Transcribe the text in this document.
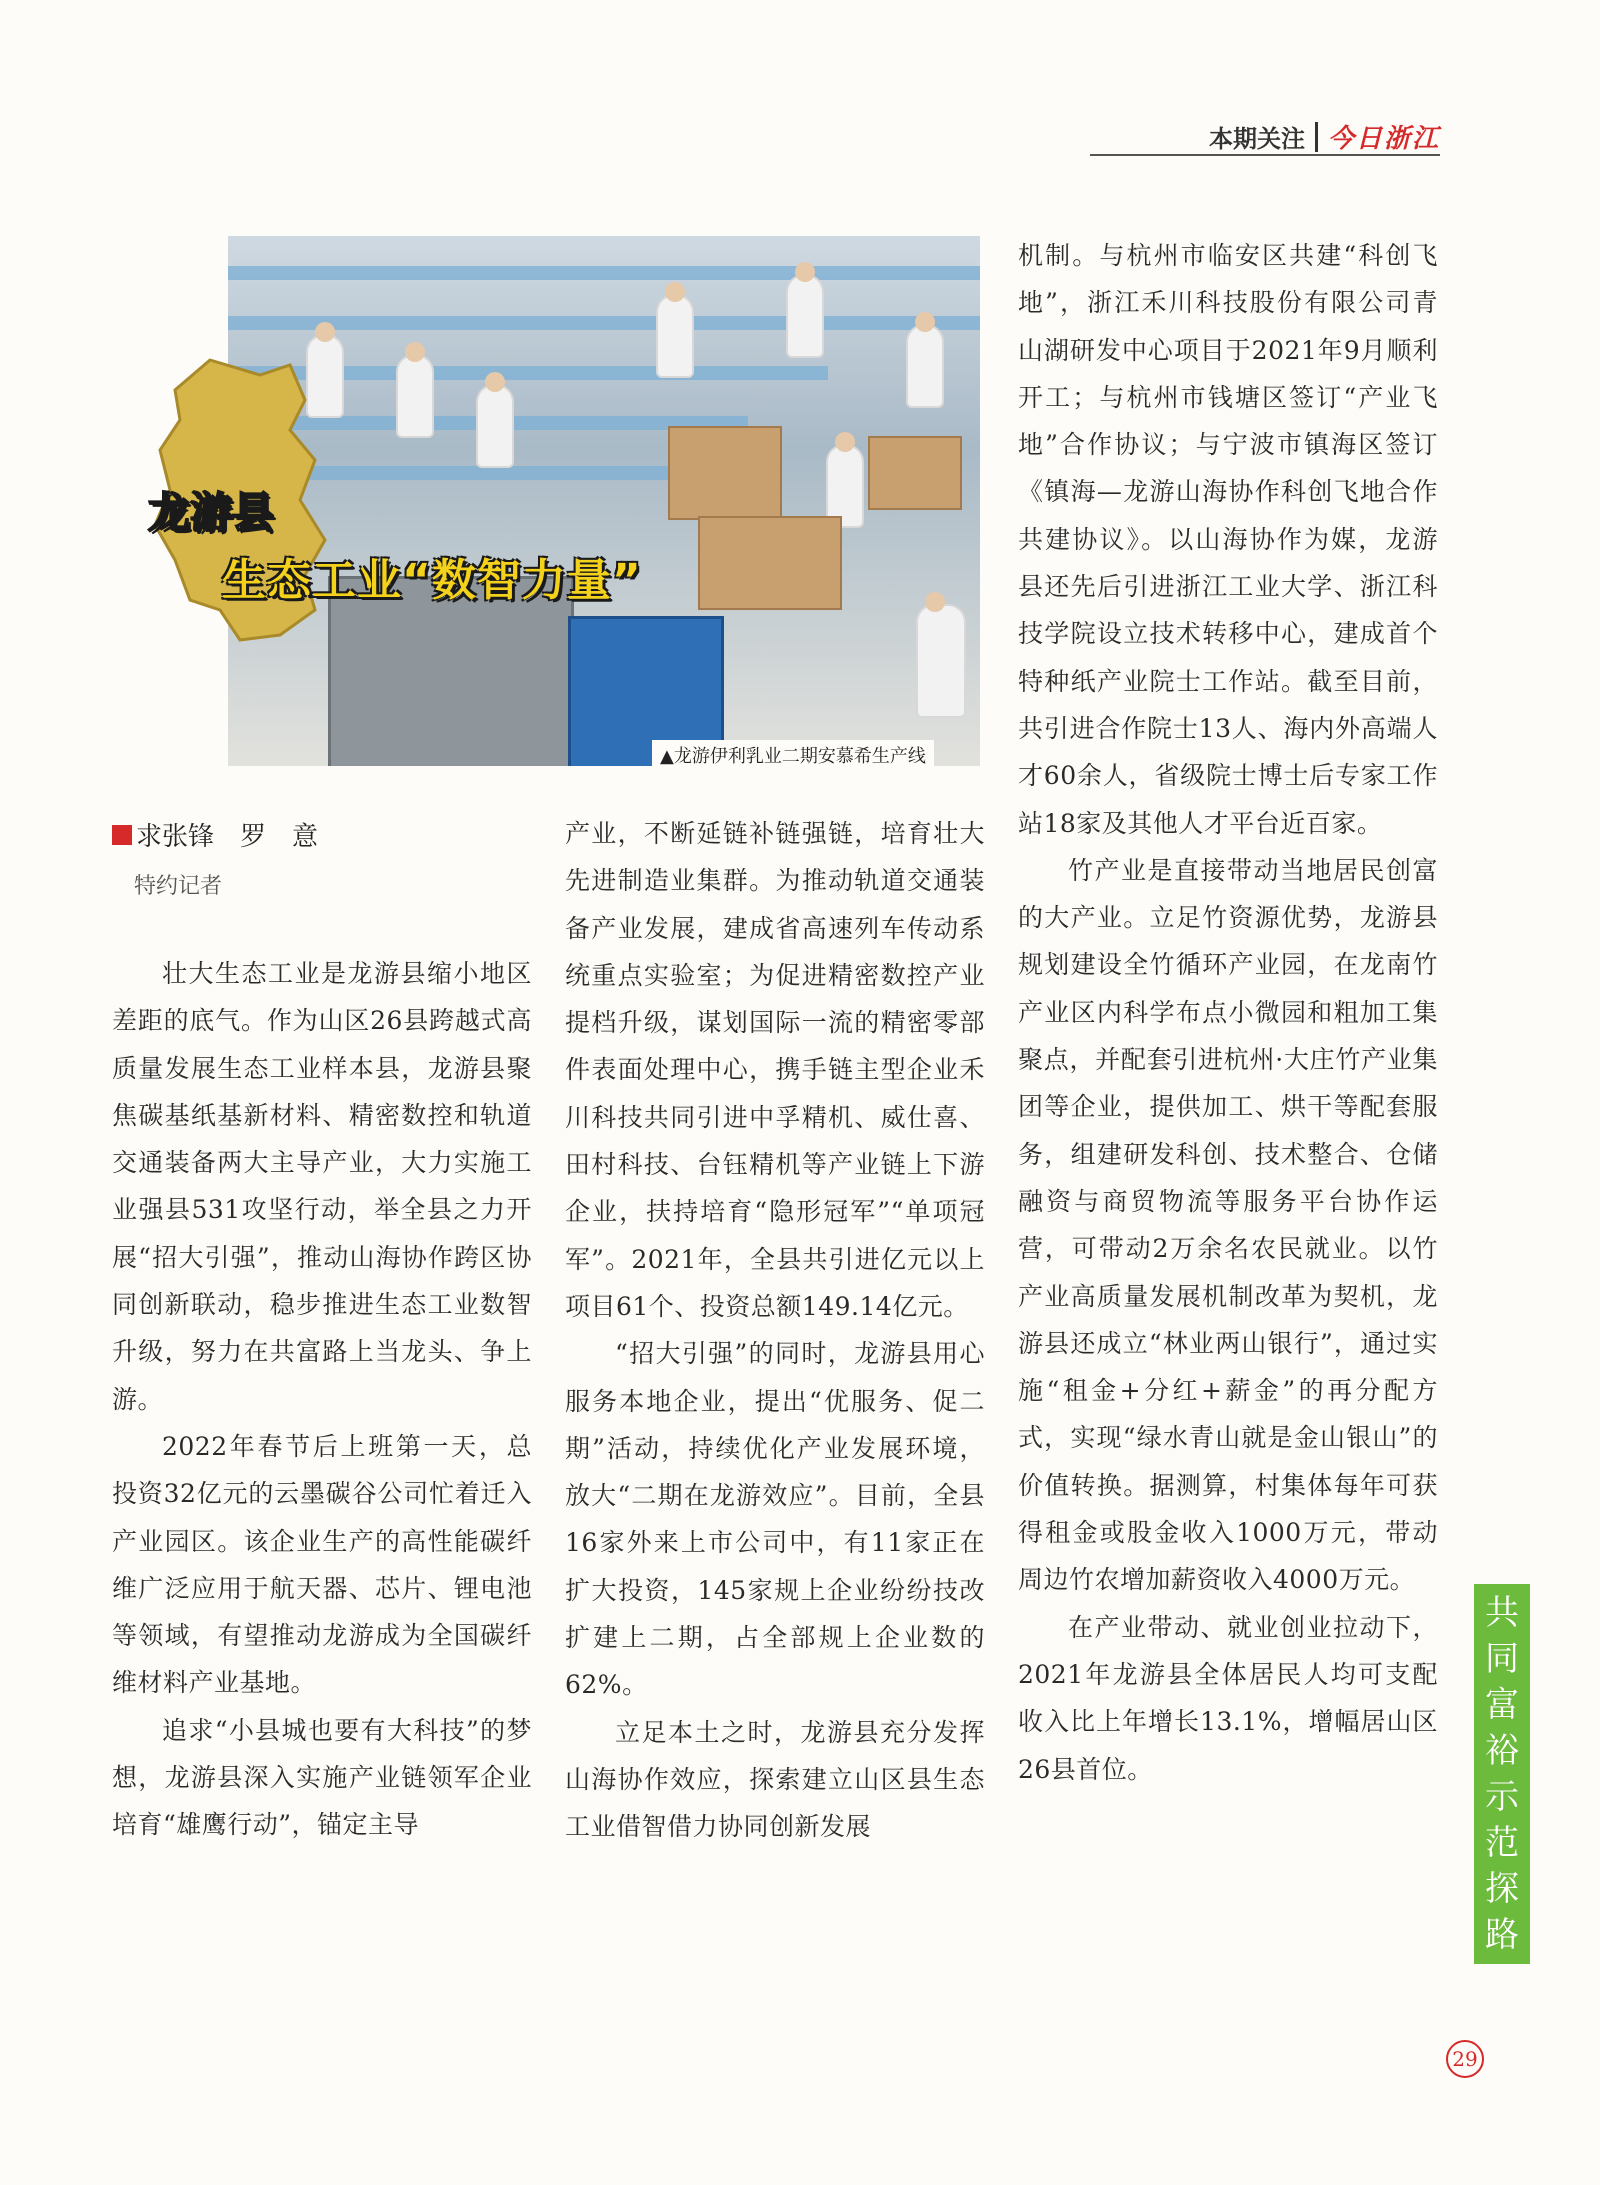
本期关注 今日浙江
龙游县
生态工业“数智力量”
▲龙游伊利乳业二期安慕希生产线
求张锋　罗　意
特约记者

壮大生态工业是龙游县缩小地区差距的底气。作为山区26县跨越式高质量发展生态工业样本县，龙游县聚焦碳基纸基新材料、精密数控和轨道交通装备两大主导产业，大力实施工业强县531攻坚行动，举全县之力开展“招大引强”，推动山海协作跨区协同创新联动，稳步推进生态工业数智升级，努力在共富路上当龙头、争上游。

2022年春节后上班第一天，总投资32亿元的云墨碳谷公司忙着迁入产业园区。该企业生产的高性能碳纤维广泛应用于航天器、芯片、锂电池等领域，有望推动龙游成为全国碳纤维材料产业基地。

追求“小县城也要有大科技”的梦想，龙游县深入实施产业链领军企业培育“雄鹰行动”，锚定主导

产业，不断延链补链强链，培育壮大先进制造业集群。为推动轨道交通装备产业发展，建成省高速列车传动系统重点实验室；为促进精密数控产业提档升级，谋划国际一流的精密零部件表面处理中心，携手链主型企业禾川科技共同引进中孚精机、威仕喜、田村科技、台钰精机等产业链上下游企业，扶持培育“隐形冠军”“单项冠军”。2021年，全县共引进亿元以上项目61个、投资总额149.14亿元。

“招大引强”的同时，龙游县用心服务本地企业，提出“优服务、促二期”活动，持续优化产业发展环境，放大“二期在龙游效应”。目前，全县16家外来上市公司中，有11家正在扩大投资，145家规上企业纷纷技改扩建上二期，占全部规上企业数的62%。

立足本土之时，龙游县充分发挥山海协作效应，探索建立山区县生态工业借智借力协同创新发展

机制。与杭州市临安区共建“科创飞地”，浙江禾川科技股份有限公司青山湖研发中心项目于2021年9月顺利开工；与杭州市钱塘区签订“产业飞地”合作协议；与宁波市镇海区签订《镇海—龙游山海协作科创飞地合作共建协议》。以山海协作为媒，龙游县还先后引进浙江工业大学、浙江科技学院设立技术转移中心，建成首个特种纸产业院士工作站。截至目前，共引进合作院士13人、海内外高端人才60余人，省级院士博士后专家工作站18家及其他人才平台近百家。

竹产业是直接带动当地居民创富的大产业。立足竹资源优势，龙游县规划建设全竹循环产业园，在龙南竹产业区内科学布点小微园和粗加工集聚点，并配套引进杭州·大庄竹产业集团等企业，提供加工、烘干等配套服务，组建研发科创、技术整合、仓储融资与商贸物流等服务平台协作运营，可带动2万余名农民就业。以竹产业高质量发展机制改革为契机，龙游县还成立“林业两山银行”，通过实施“租金+分红+薪金”的再分配方式，实现“绿水青山就是金山银山”的价值转换。据测算，村集体每年可获得租金或股金收入1000万元，带动周边竹农增加薪资收入4000万元。

在产业带动、就业创业拉动下，2021年龙游县全体居民人均可支配收入比上年增长13.1%，增幅居山区26县首位。

共
同
富
裕
示
范
探
路
29
